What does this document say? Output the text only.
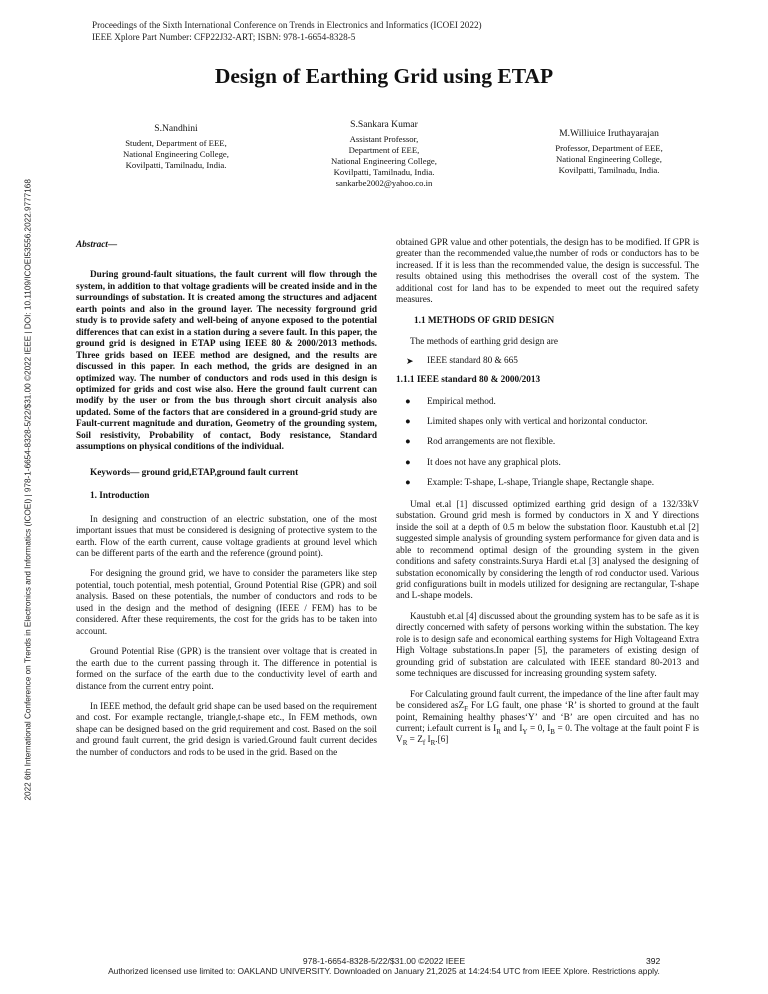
Proceedings of the Sixth International Conference on Trends in Electronics and Informatics (ICOEI 2022)
IEEE Xplore Part Number: CFP22J32-ART; ISBN: 978-1-6654-8328-5
2022 6th International Conference on Trends in Electronics and Informatics (ICOEI) | 978-1-6654-8328-5/22/$31.00 ©2022 IEEE | DOI: 10.1109/ICOEI53556.2022.9777168
Design of Earthing Grid using ETAP
S.Nandhini
Student, Department of EEE,
National Engineering College,
Kovilpatti, Tamilnadu, India.
S.Sankara Kumar
Assistant Professor,
Department of EEE,
National Engineering College,
Kovilpatti, Tamilnadu, India.
sankarbe2002@yahoo.co.in
M.Williuice Iruthayarajan
Professor, Department of EEE,
National Engineering College,
Kovilpatti, Tamilnadu, India.
Abstract—

During ground-fault situations, the fault current will flow through the system, in addition to that voltage gradients will be created inside and in the surroundings of substation. It is created among the structures and adjacent earth points and also in the ground layer. The necessity forground grid study is to provide safety and well-being of anyone exposed to the potential differences that can exist in a station during a severe fault. In this paper, the ground grid is designed in ETAP using IEEE 80 & 2000/2013 methods. Three grids based on IEEE method are designed, and the results are discussed in this paper. In each method, the grids are designed in an optimized way. The number of conductors and rods used in this design is optimized for grids and cost wise also. Here the ground fault current can modify by the user or from the bus through short circuit analysis also updated. Some of the factors that are considered in a ground-grid study are Fault-current magnitude and duration, Geometry of the grounding system, Soil resistivity, Probability of contact, Body resistance, Standard assumptions on physical conditions of the individual.

Keywords— ground grid,ETAP,ground fault current

1. Introduction

In designing and construction of an electric substation, one of the most important issues that must be considered is designing of protective system to the earth. Flow of the earth current, cause voltage gradients at ground level which can be different parts of the earth and the reference (ground point).

For designing the ground grid, we have to consider the parameters like step potential, touch potential, mesh potential, Ground Potential Rise (GPR) and soil analysis. Based on these potentials, the number of conductors and rods to be used in the design and the method of designing (IEEE / FEM) has to be considered. After these requirements, the cost for the grids has to be taken into account.

Ground Potential Rise (GPR) is the transient over voltage that is created in the earth due to the current passing through it. The difference in potential is formed on the surface of the earth due to the conductivity level of earth and distance from the current entry point.

In IEEE method, the default grid shape can be used based on the requirement and cost. For example rectangle, triangle,t-shape etc., In FEM methods, own shape can be designed based on the grid requirement and cost. Based on the soil and ground fault current, the grid design is varied.Ground fault current decides the number of conductors and rods to be used in the grid. Based on the

obtained GPR value and other potentials, the design has to be modified. If GPR is greater than the recommended value,the number of rods or conductors has to be increased. If it is less than the recommended value, the design is successful. The results obtained using this methodrises the overall cost of the system. The additional cost for land has to be expended to meet out the required safety measures.

1.1 METHODS OF GRID DESIGN

The methods of earthing grid design are

➤ IEEE standard 80 & 665
1.1.1 IEEE standard 80 & 2000/2013
● Empirical method.
● Limited shapes only with vertical and horizontal conductor.
● Rod arrangements are not flexible.
● It does not have any graphical plots.
● Example: T-shape, L-shape, Triangle shape, Rectangle shape.

Umal et.al [1] discussed optimized earthing grid design of a 132/33kV substation. Ground grid mesh is formed by conductors in X and Y directions inside the soil at a depth of 0.5 m below the substation floor. Kaustubh et.al [2] suggested simple analysis of grounding system performance for given data and is able to recommend optimal design of the grounding system in the given conditions and safety constraints.Surya Hardi et.al [3] analysed the designing of substation economically by considering the length of rod conductor used. Various grid configurations built in models utilized for designing are rectangular, T-shape and L-shape models.

Kaustubh et.al [4] discussed about the grounding system has to be safe as it is directly concerned with safety of persons working within the substation. The key role is to design safe and economical earthing systems for High Voltageand Extra High Voltage substations.In paper [5], the parameters of existing design of grounding grid of substation are calculated with IEEE standard 80-2013 and some techniques are discussed for increasing grounding system safety.

For Calculating ground fault current, the impedance of the line after fault may be considered asZ$_F$ For LG fault, one phase ‘R’ is shorted to ground at the fault point, Remaining healthy phases‘Y’ and ‘B’ are open circuited and has no current; i.efault current is $I_R$ and $I_Y = 0$, $I_B = 0$. The voltage at the fault point F is $V_R = Z_f$ $I_R.[6]$

978-1-6654-8328-5/22/$31.00 ©2022 IEEE	392
Authorized licensed use limited to: OAKLAND UNIVERSITY. Downloaded on January 21,2025 at 14:24:54 UTC from IEEE Xplore. Restrictions apply.
